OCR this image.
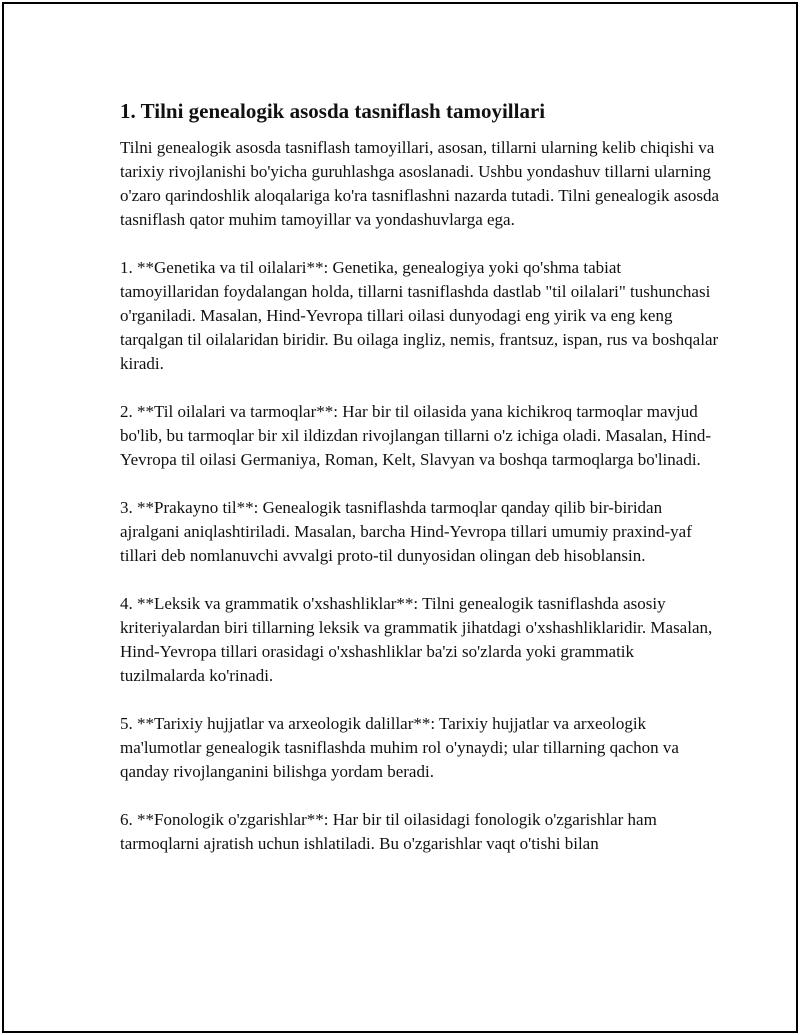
1. Tilni genealogik asosda tasniflash tamoyillari

Tilni genealogik asosda tasniflash tamoyillari, asosan, tillarni ularning kelib chiqishi va tarixiy rivojlanishi bo'yicha guruhlashga asoslanadi. Ushbu yondashuv tillarni ularning o'zaro qarindoshlik aloqalariga ko'ra tasniflashni nazarda tutadi. Tilni genealogik asosda tasniflash qator muhim tamoyillar va yondashuvlarga ega.

1. **Genetika va til oilalari**: Genetika, genealogiya yoki qo'shma tabiat tamoyillaridan foydalangan holda, tillarni tasniflashda dastlab "til oilalari" tushunchasi o'rganiladi. Masalan, Hind-Yevropa tillari oilasi dunyodagi eng yirik va eng keng tarqalgan til oilalaridan biridir. Bu oilaga ingliz, nemis, frantsuz, ispan, rus va boshqalar kiradi.

2. **Til oilalari va tarmoqlar**: Har bir til oilasida yana kichikroq tarmoqlar mavjud bo'lib, bu tarmoqlar bir xil ildizdan rivojlangan tillarni o'z ichiga oladi. Masalan, Hind-Yevropa til oilasi Germaniya, Roman, Kelt, Slavyan va boshqa tarmoqlarga bo'linadi.

3. **Prakayno til**: Genealogik tasniflashda tarmoqlar qanday qilib bir-biridan ajralgani aniqlashtiriladi. Masalan, barcha Hind-Yevropa tillari umumiy praxind-yaf tillari deb nomlanuvchi avvalgi proto-til dunyosidan olingan deb hisoblansin.

4. **Leksik va grammatik o'xshashliklar**: Tilni genealogik tasniflashda asosiy kriteriyalardan biri tillarning leksik va grammatik jihatdagi o'xshashliklaridir. Masalan, Hind-Yevropa tillari orasidagi o'xshashliklar ba'zi so'zlarda yoki grammatik tuzilmalarda ko'rinadi.

5. **Tarixiy hujjatlar va arxeologik dalillar**: Tarixiy hujjatlar va arxeologik ma'lumotlar genealogik tasniflashda muhim rol o'ynaydi; ular tillarning qachon va qanday rivojlanganini bilishga yordam beradi.

6. **Fonologik o'zgarishlar**: Har bir til oilasidagi fonologik o'zgarishlar ham tarmoqlarni ajratish uchun ishlatiladi. Bu o'zgarishlar vaqt o'tishi bilan
